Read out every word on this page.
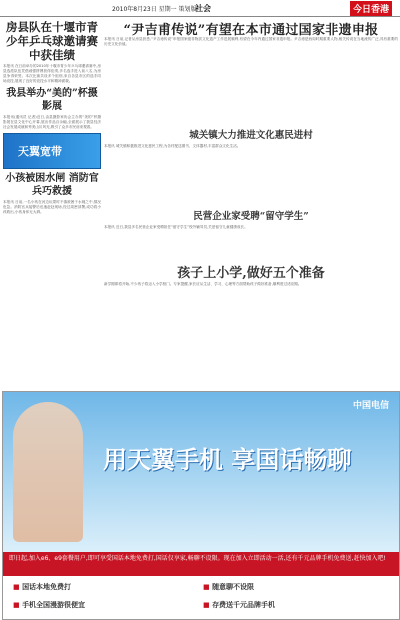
2010年8月23日 星期一 策划版
社会	今日香港
房县队在十堰市青少年乒乓球邀请赛中获佳绩
本报讯 在日前举办的2010年十堰市青少年乒乓球邀请赛中,房县选派队伍凭借顽强拼搏获得佳绩,多名选手进入前八名,为房县争得荣誉。本次比赛共设多个组别,来自各县市区的选手同场竞技,展现了良好的竞技水平和精神面貌。
我县举办“美的”杯摄影展
本报讯(通讯员 记者)近日,由县摄影家协会主办的“美的”杯摄影展在县文化中心开幕,展出作品百余幅,全面展示了我县经济社会发展成就和秀美山川风光,吸引了众多市民前来观看。
天翼宽带
小孩被困水闸 消防官兵巧救援
本报讯 日前,一名小孩在河边玩耍时不慎被困于水闸之中,情况危急。消防官兵接警后迅速赶赴现场,经过周密部署,成功将小孩救出,小孩身体无大碍。
“尹吉甫传说”有望在本市通过国家非遗申报
本报讯 日前,记者从房县获悉,“尹吉甫传说”申报国家级非物质文化遗产工作进展顺利,有望在今年内通过国家非遗申报。尹吉甫是西周时期重要人物,相关传说在当地流传广泛,具有重要的历史文化价值。
城关镇大力推进文化惠民进村
本报讯 城关镇积极推进文化惠民工程,为各村配送图书、文体器材,丰富群众文化生活。
民营企业家受聘“留守学生”
本报讯 近日,我县多名民营企业家受聘担任“留守学生”校外辅导员,关爱留守儿童健康成长。
孩子上小学,做好五个准备
新学期即将开始,不少孩子将迈入小学校门。专家提醒,家长应从生活、学习、心理等方面帮助孩子做好准备,顺利度过适应期。
中国电信
用天翼手机 享国话畅聊
即日起,加入e6、e9套餐用户,即可享受国话本地免费打,国话仅享家,畅聊不设限。现在加入立即活动一活,还有千元品牌手机免费送,赶快加入吧!
■ 国话本地免费打	■ 随意聊不设限
■ 手机全国漫游很便宜	■ 存费送千元品牌手机
